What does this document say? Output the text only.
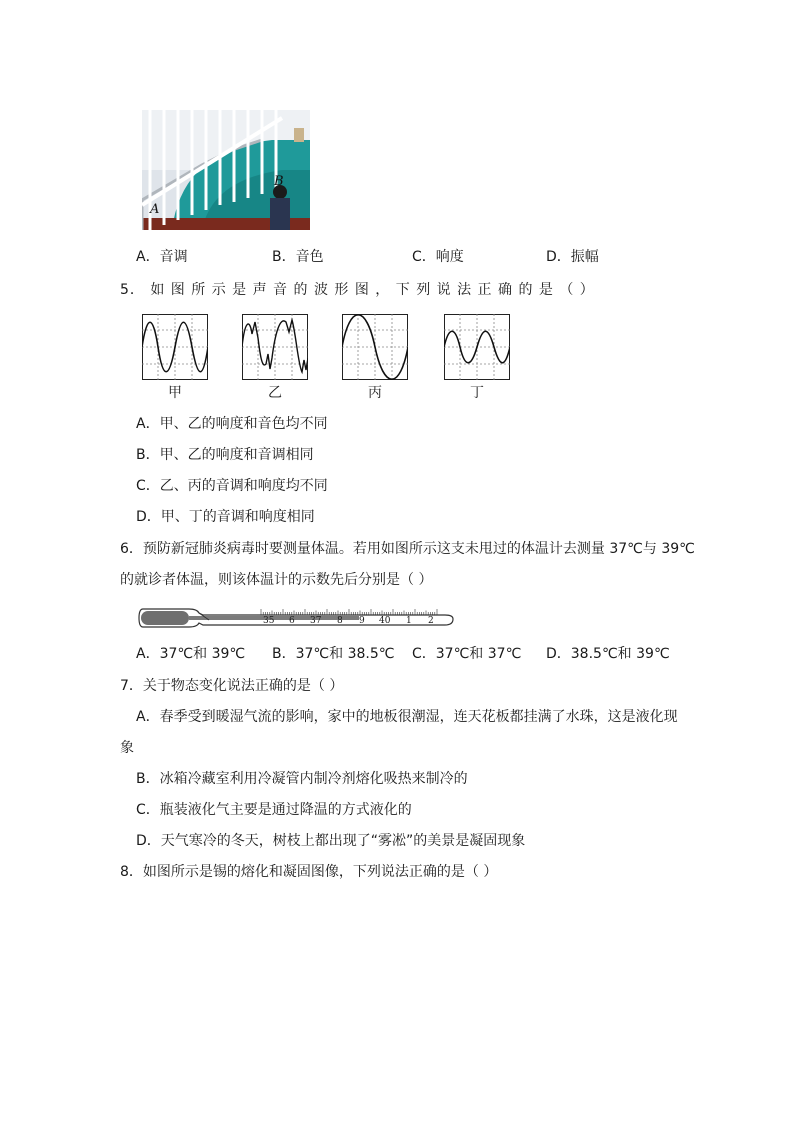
A
B
A．音调	B．音色	C．响度	D．振幅
5． 如 图 所 示 是 声 音 的 波 形 图 ， 下 列 说 法 正 确 的 是 （ ）
甲	乙	丙	丁
A．甲、乙的响度和音色均不同
B．甲、乙的响度和音调相同
C．乙、丙的音调和响度均不同
D．甲、丁的音调和响度相同
6．预防新冠肺炎病毒时要测量体温。若用如图所示这支未甩过的体温计去测量 37℃与 39℃
的就诊者体温，则该体温计的示数先后分别是（ ）
35 6 37 8 9 40 1 2
A．37℃和 39℃ B．37℃和 38.5℃ C．37℃和 37℃ D．38.5℃和 39℃
7．关于物态变化说法正确的是（ ）
A．春季受到暖湿气流的影响，家中的地板很潮湿，连天花板都挂满了水珠，这是液化现
象
B．冰箱冷藏室利用冷凝管内制冷剂熔化吸热来制冷的
C．瓶装液化气主要是通过降温的方式液化的
D．天气寒冷的冬天，树枝上都出现了“雾凇”的美景是凝固现象
8．如图所示是锡的熔化和凝固图像，下列说法正确的是（ ）
